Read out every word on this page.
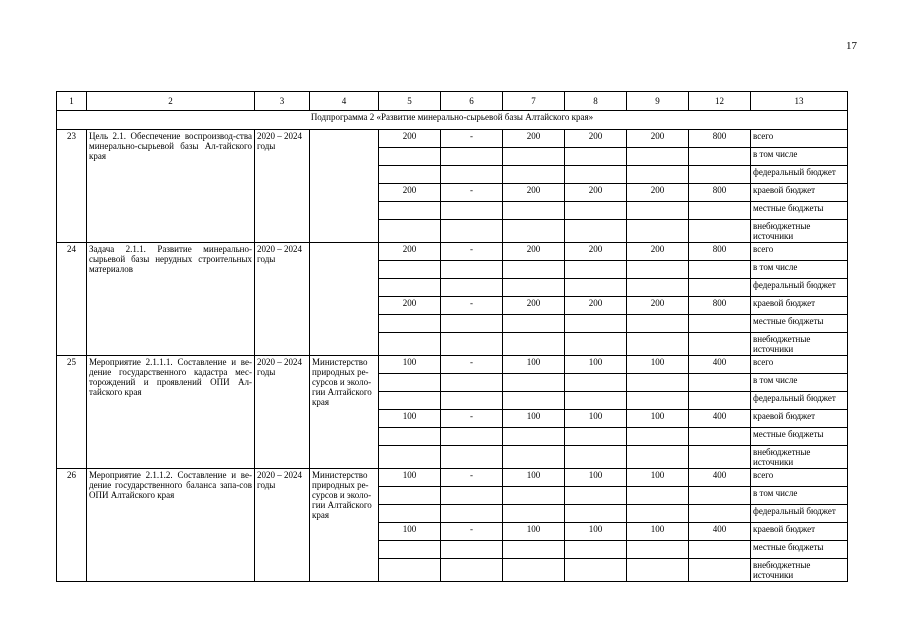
17
1	2	3	4	5	6	7	8	9	12	13
Подпрограмма 2 «Развитие минерально-сырьевой базы Алтайского края»										
23	Цель 2.1. Обеспечение воспроизвод-ства минерально-сырьевой базы Ал-тайского края	2020 – 2024 годы		200	-	200	200	200	800	всего
										в том числе
										федеральный бюджет
				200	-	200	200	200	800	краевой бюджет
										местные бюджеты
										внебюджетные источники
24	Задача 2.1.1. Развитие минерально-сырьевой базы нерудных строительных материалов	2020 – 2024 годы		200	-	200	200	200	800	всего
										в том числе
										федеральный бюджет
				200	-	200	200	200	800	краевой бюджет
										местные бюджеты
										внебюджетные источники
25	Мероприятие 2.1.1.1. Составление и ве-дение государственного кадастра мес-торождений и проявлений ОПИ Ал-тайского края	2020 – 2024 годы	Министерство природных ре-сурсов и эколо-гии Алтайского края	100	-	100	100	100	400	всего
										в том числе
										федеральный бюджет
				100	-	100	100	100	400	краевой бюджет
										местные бюджеты
										внебюджетные источники
26	Мероприятие 2.1.1.2. Составление и ве-дение государственного баланса запа-сов ОПИ Алтайского края	2020 – 2024 годы	Министерство природных ре-сурсов и эколо-гии Алтайского края	100	-	100	100	100	400	всего
										в том числе
										федеральный бюджет
				100	-	100	100	100	400	краевой бюджет
										местные бюджеты
										внебюджетные источники
